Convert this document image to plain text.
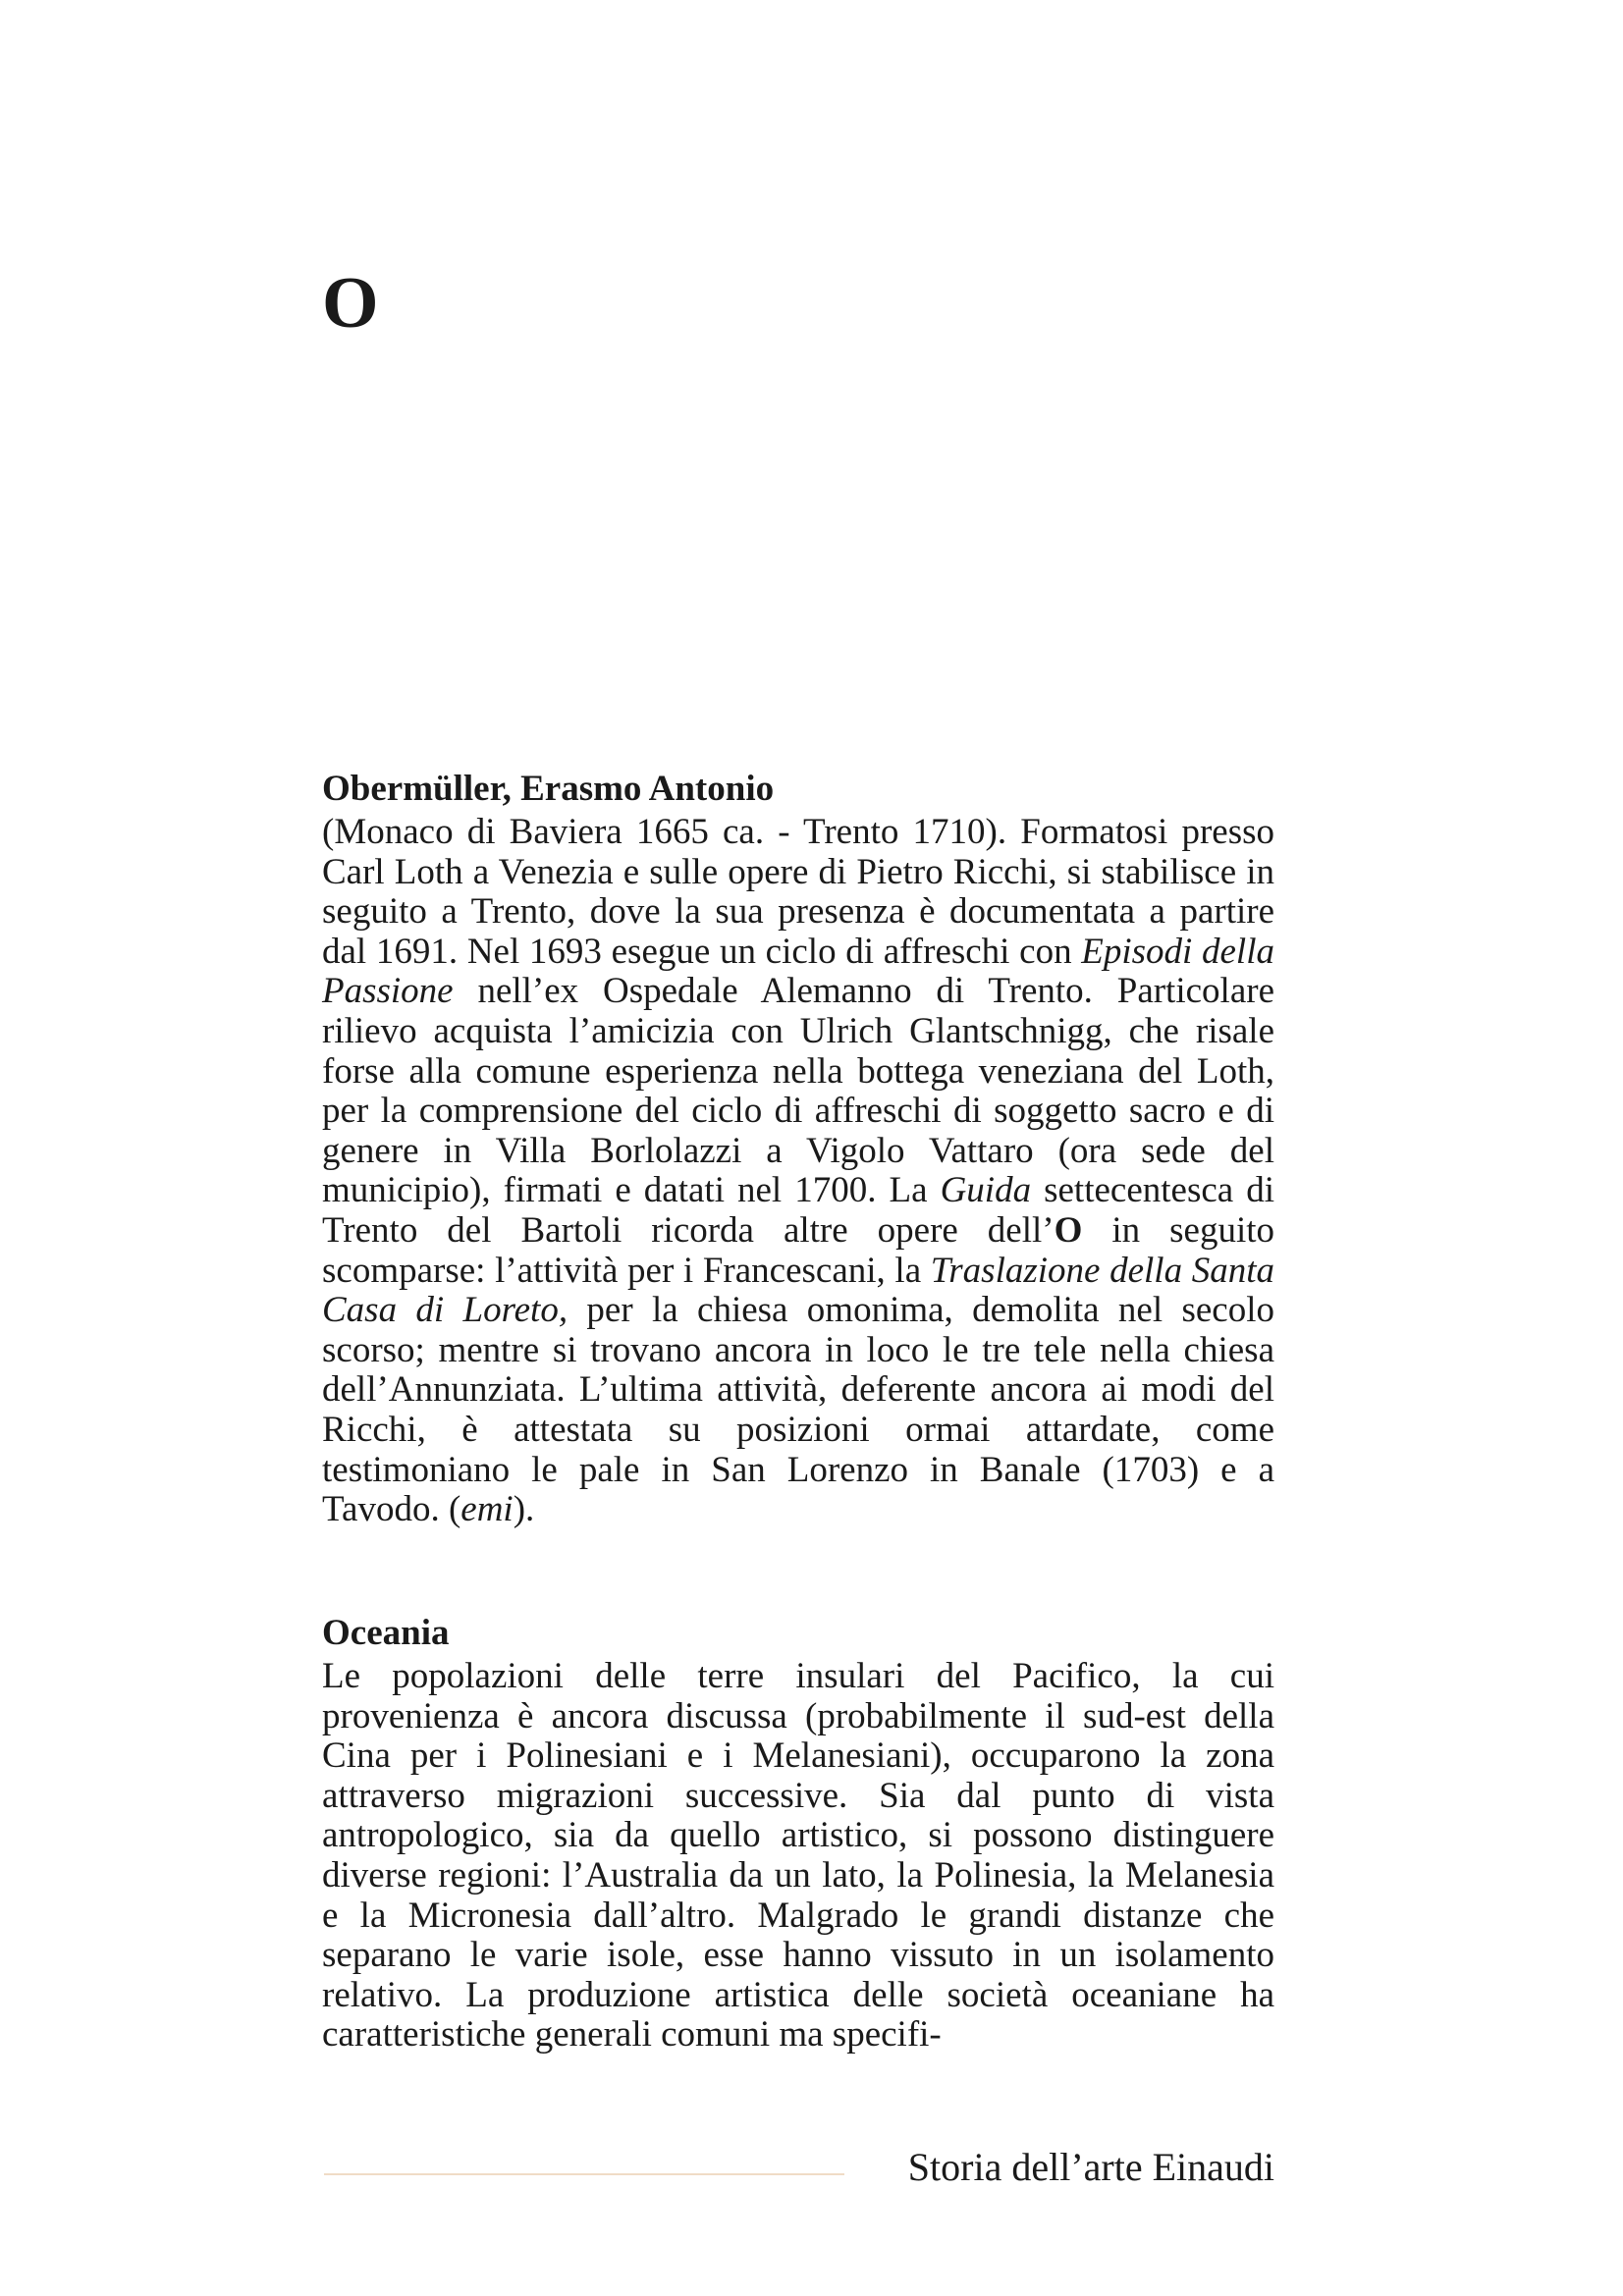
O
Obermüller, Erasmo Antonio

(Monaco di Baviera 1665 ca. - Trento 1710). Formatosi presso Carl Loth a Venezia e sulle opere di Pietro Ricchi, si stabilisce in seguito a Trento, dove la sua presenza è documentata a partire dal 1691. Nel 1693 esegue un ciclo di affreschi con Episodi della Passione nell’ex Ospedale Alemanno di Trento. Particolare rilievo acquista l’amicizia con Ulrich Glantschnigg, che risale forse alla comune esperienza nella bottega veneziana del Loth, per la comprensione del ciclo di affreschi di soggetto sacro e di genere in Villa Borlolazzi a Vigolo Vattaro (ora sede del municipio), firmati e datati nel 1700. La Guida settecentesca di Trento del Bartoli ricorda altre opere dell’O in seguito scomparse: l’attività per i Francescani, la Traslazione della Santa Casa di Loreto, per la chiesa omonima, demolita nel secolo scorso; mentre si trovano ancora in loco le tre tele nella chiesa dell’Annunziata. L’ultima attività, deferente ancora ai modi del Ricchi, è attestata su posizioni ormai attardate, come testimoniano le pale in San Lorenzo in Banale (1703) e a Tavodo. (emi).

Oceania

Le popolazioni delle terre insulari del Pacifico, la cui provenienza è ancora discussa (probabilmente il sud-est della Cina per i Polinesiani e i Melanesiani), occuparono la zona attraverso migrazioni successive. Sia dal punto di vista antropologico, sia da quello artistico, si possono distinguere diverse regioni: l’Australia da un lato, la Polinesia, la Melanesia e la Micronesia dall’altro. Malgrado le grandi distanze che separano le varie isole, esse hanno vissuto in un isolamento relativo. La produzione artistica delle società oceaniane ha caratteristiche generali comuni ma specifi-

Storia dell’arte Einaudi
